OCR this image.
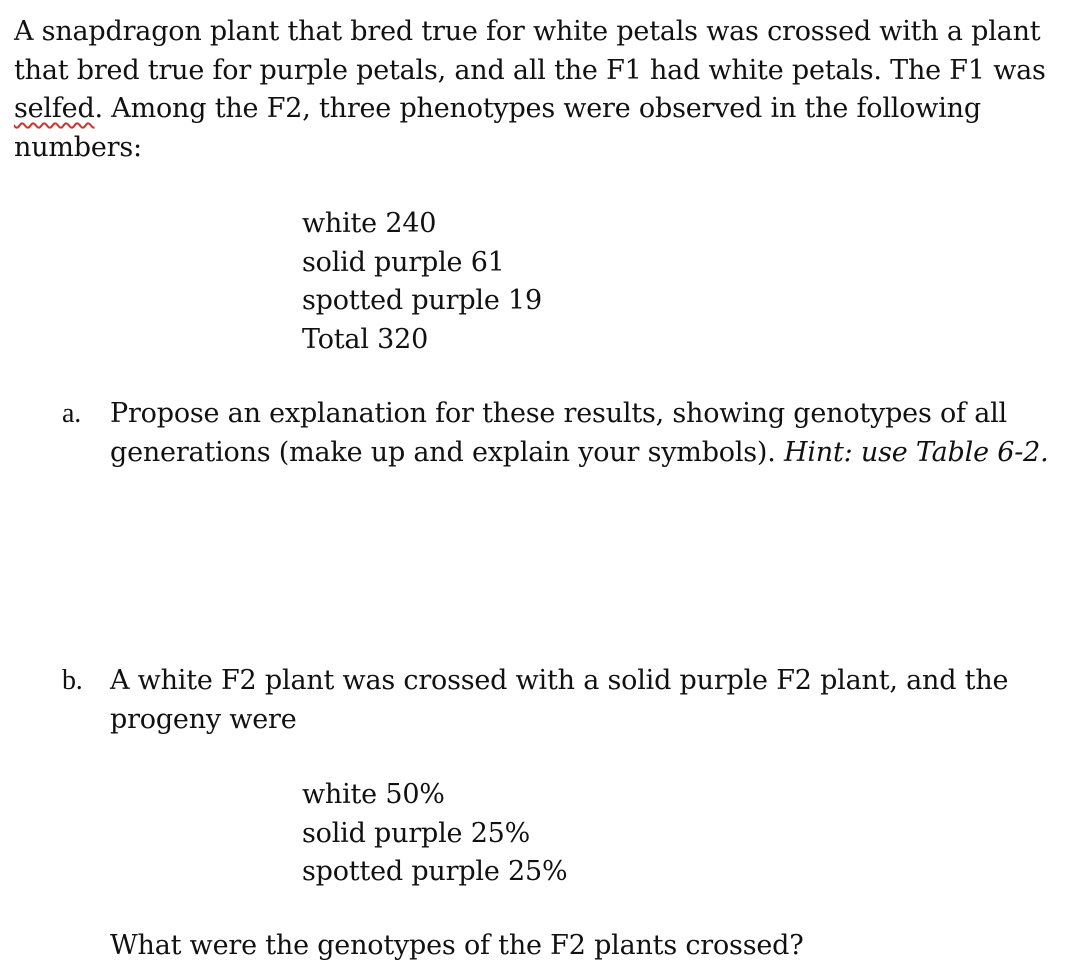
A snapdragon plant that bred true for white petals was crossed with a plant
that bred true for purple petals, and all the F1 had white petals. The F1 was
selfed. Among the F2, three phenotypes were observed in the following
numbers:
white 240
solid purple 61
spotted purple 19
Total 320
a. Propose an explanation for these results, showing genotypes of all
generations (make up and explain your symbols). Hint: use Table 6-2.
b. A white F2 plant was crossed with a solid purple F2 plant, and the
progeny were
white 50%
solid purple 25%
spotted purple 25%
What were the genotypes of the F2 plants crossed?
